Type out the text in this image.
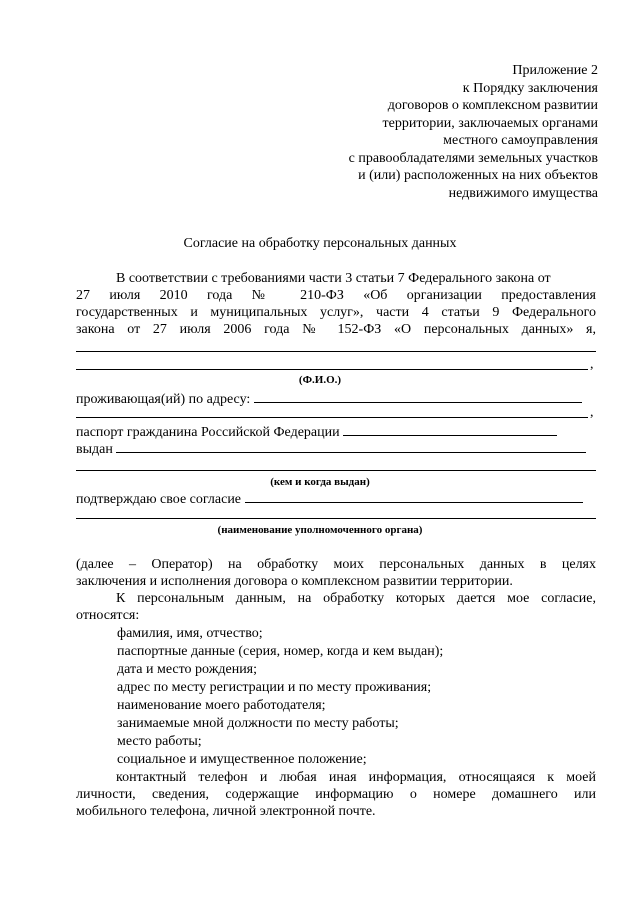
Приложение 2
к Порядку заключения
договоров о комплексном развитии
территории, заключаемых органами
местного самоуправления
с правообладателями земельных участков
и (или) расположенных на них объектов
недвижимого имущества
Согласие на обработку персональных данных
В соответствии с требованиями части 3 статьи 7 Федерального закона от
27 июля 2010 года № 210-ФЗ «Об организации предоставления
государственных и муниципальных услуг», части 4 статьи 9 Федерального
закона от 27 июля 2006 года № 152-ФЗ «О персональных данных» я,
,
(Ф.И.О.)
проживающая(ий) по адресу:
,
паспорт гражданина Российской Федерации
выдан
(кем и когда выдан)
подтверждаю свое согласие
(наименование уполномоченного органа)
(далее – Оператор) на обработку моих персональных данных в целях
заключения и исполнения договора о комплексном развитии территории.
К персональным данным, на обработку которых дается мое согласие,
относятся:
фамилия, имя, отчество;
паспортные данные (серия, номер, когда и кем выдан);
дата и место рождения;
адрес по месту регистрации и по месту проживания;
наименование моего работодателя;
занимаемые мной должности по месту работы;
место работы;
социальное и имущественное положение;
контактный телефон и любая иная информация, относящаяся к моей
личности, сведения, содержащие информацию о номере домашнего или
мобильного телефона, личной электронной почте.
